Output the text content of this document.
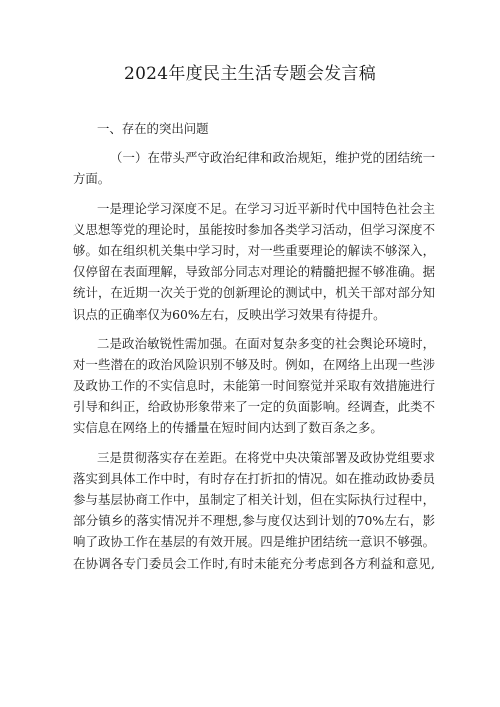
2024年度民主生活专题会发言稿
一、存在的突出问题
（一）在带头严守政治纪律和政治规矩，维护党的团结统一
方面。
一是理论学习深度不足。在学习习近平新时代中国特色社会主
义思想等党的理论时，虽能按时参加各类学习活动，但学习深度不
够。如在组织机关集中学习时，对一些重要理论的解读不够深入，
仅停留在表面理解，导致部分同志对理论的精髓把握不够准确。据
统计，在近期一次关于党的创新理论的测试中，机关干部对部分知
识点的正确率仅为60%左右，反映出学习效果有待提升。
二是政治敏锐性需加强。在面对复杂多变的社会舆论环境时，
对一些潜在的政治风险识别不够及时。例如，在网络上出现一些涉
及政协工作的不实信息时，未能第一时间察觉并采取有效措施进行
引导和纠正，给政协形象带来了一定的负面影响。经调查，此类不
实信息在网络上的传播量在短时间内达到了数百条之多。
三是贯彻落实存在差距。在将党中央决策部署及政协党组要求
落实到具体工作中时，有时存在打折扣的情况。如在推动政协委员
参与基层协商工作中，虽制定了相关计划，但在实际执行过程中，
部分镇乡的落实情况并不理想,参与度仅达到计划的70%左右，影
响了政协工作在基层的有效开展。四是维护团结统一意识不够强。
在协调各专门委员会工作时,有时未能充分考虑到各方利益和意见,
